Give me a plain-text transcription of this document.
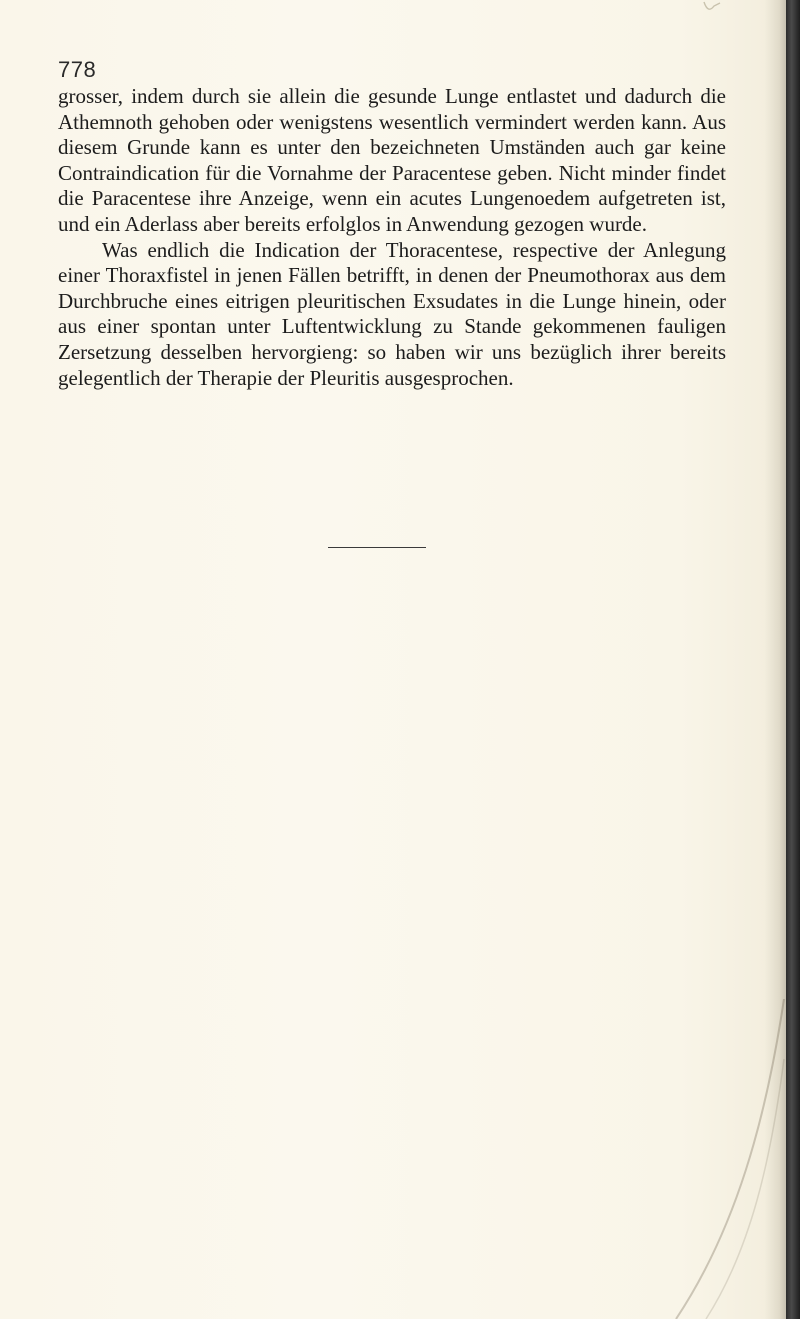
778

grosser, indem durch sie allein die gesunde Lunge entlastet und dadurch die Athemnoth gehoben oder wenigstens wesentlich vermindert werden kann. Aus diesem Grunde kann es unter den bezeichneten Umständen auch gar keine Contraindication für die Vornahme der Paracentese geben. Nicht minder findet die Paracentese ihre Anzeige, wenn ein acutes Lungenoedem aufgetreten ist, und ein Aderlass aber bereits erfolglos in Anwendung gezogen wurde.

Was endlich die Indication der Thoracentese, respective der Anlegung einer Thoraxfistel in jenen Fällen betrifft, in denen der Pneumothorax aus dem Durchbruche eines eitrigen pleuritischen Exsudates in die Lunge hinein, oder aus einer spontan unter Luftentwicklung zu Stande gekommenen fauligen Zersetzung desselben hervorgieng: so haben wir uns bezüglich ihrer bereits gelegentlich der Therapie der Pleuritis ausgesprochen.
